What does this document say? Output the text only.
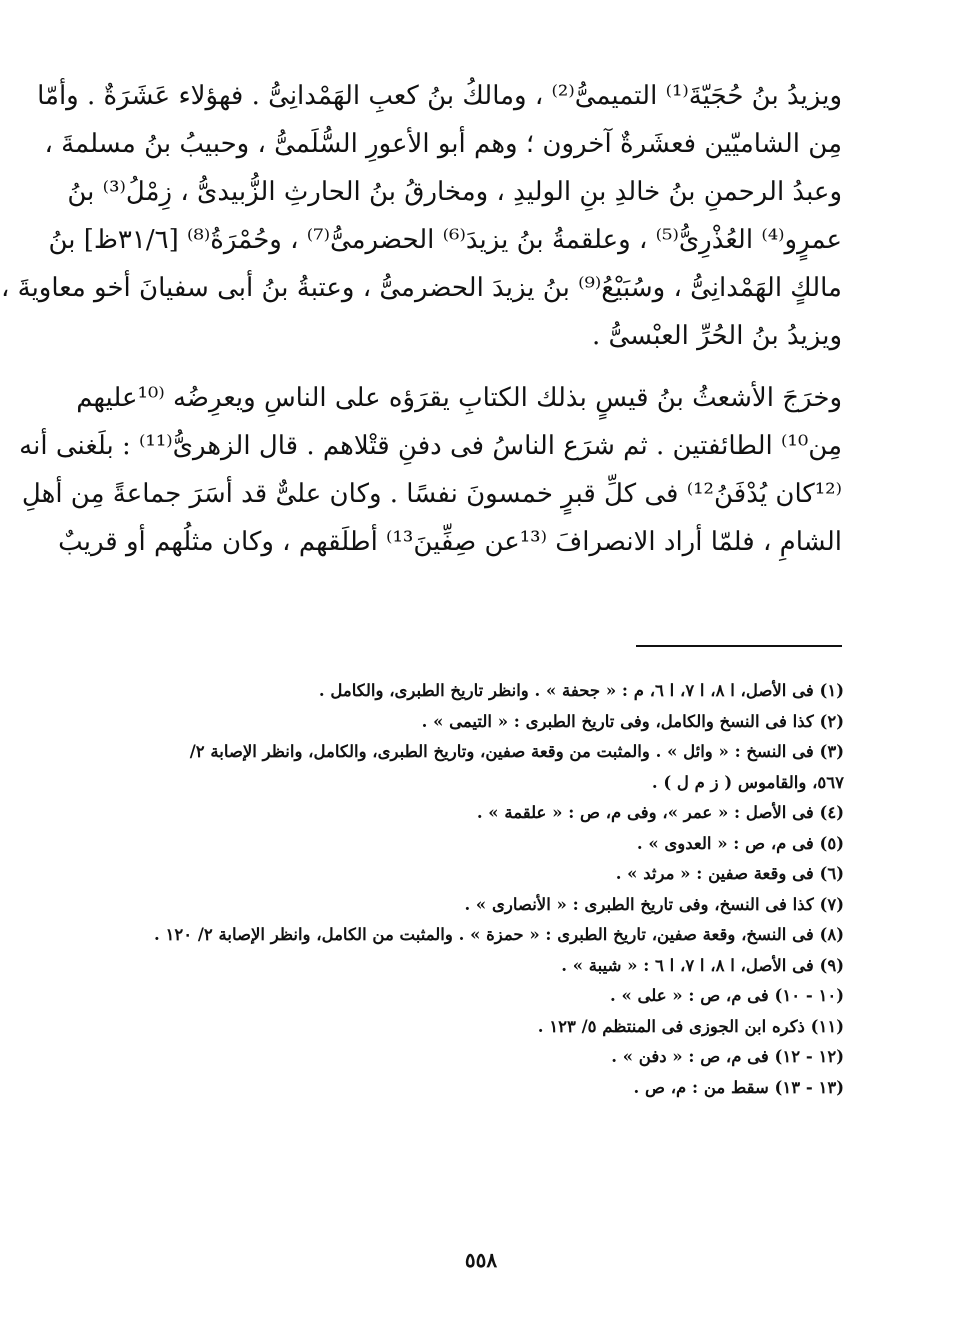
ويزيدُ بنُ حُجَيّةَ⁽¹⁾ التميمىُّ⁽²⁾ ، ومالكُ بنُ كعبِ الهَمْدانِىُّ . فهؤلاء عَشَرَةٌ . وأمّا
مِن الشاميّين فعشَرةٌ آخرون ؛ وهم أبو الأعورِ السُّلَمىُّ ، وحبيبُ بنُ مسلمةَ ،
وعبدُ الرحمنِ بنُ خالدِ بنِ الوليدِ ، ومخارقُ بنُ الحارثِ الزُّبيدىُّ ، زِمْلُ⁽³⁾ بنُ
عمرٍو⁽⁴⁾ العُذْرِىُّ⁽⁵⁾ ، وعلقمةُ بنُ يزيدَ⁽⁶⁾ الحضرمىُّ⁽⁷⁾ ، وحُمْرَةُ⁽⁸⁾ [٣١/٦ظ] بنُ
مالكٍ الهَمْدانِىُّ ، وسُبَيْعُ⁽⁹⁾ بنُ يزيدَ الحضرمىُّ ، وعتبةُ بنُ أبى سفيانَ أخو معاويةَ ،
ويزيدُ بنُ الحُرِّ العبْسىُّ .
وخرَجَ الأشعثُ بنُ قيسٍ بذلك الكتابِ يقرَؤه على الناسِ ويعرِضُه ⁽¹⁰عليهم
مِن¹⁰⁾ الطائفتين . ثم شرَع الناسُ فى دفنِ قتْلاهم . قال الزهرىُّ⁽¹¹⁾ : بلَغنى أنه
⁽¹²كان يُدْفَنُ¹²⁾ فى كلِّ قبرٍ خمسونَ نفسًا . وكان علىٌّ قد أسَرَ جماعةً مِن أهلِ
الشامِ ، فلمّا أراد الانصرافَ ⁽¹³عن صِفِّينَ¹³⁾ أطلَقهم ، وكان مثلُهم أو قريبٌ
(١) فى الأصل، ا ٨، ا ٧، ا ٦، م : « جحفة » . وانظر تاريخ الطبرى، والكامل .
(٢) كذا فى النسخ والكامل، وفى تاريخ الطبرى : « التيمى » .
(٣) فى النسخ : « وائل » . والمثبت من وقعة صفين، وتاريخ الطبرى، والكامل، وانظر الإصابة ٢/
٥٦٧، والقاموس ( ز م ل ) .
(٤) فى الأصل : « عمر »، وفى م، ص : « علقمة » .
(٥) فى م، ص : « العدوى » .
(٦) فى وقعة صفين : « مرثد » .
(٧) كذا فى النسخ، وفى تاريخ الطبرى : « الأنصارى » .
(٨) فى النسخ، وقعة صفين، تاريخ الطبرى : « حمزة » . والمثبت من الكامل، وانظر الإصابة ٢/ ١٢٠ .
(٩) فى الأصل، ا ٨، ا ٧، ا ٦ : « شيبة » .
(١٠ - ١٠) فى م، ص : « على » .
(١١) ذكره ابن الجوزى فى المنتظم ٥/ ١٢٣ .
(١٢ - ١٢) فى م، ص : « دفن » .
(١٣ - ١٣) سقط من : م، ص .
٥٥٨
